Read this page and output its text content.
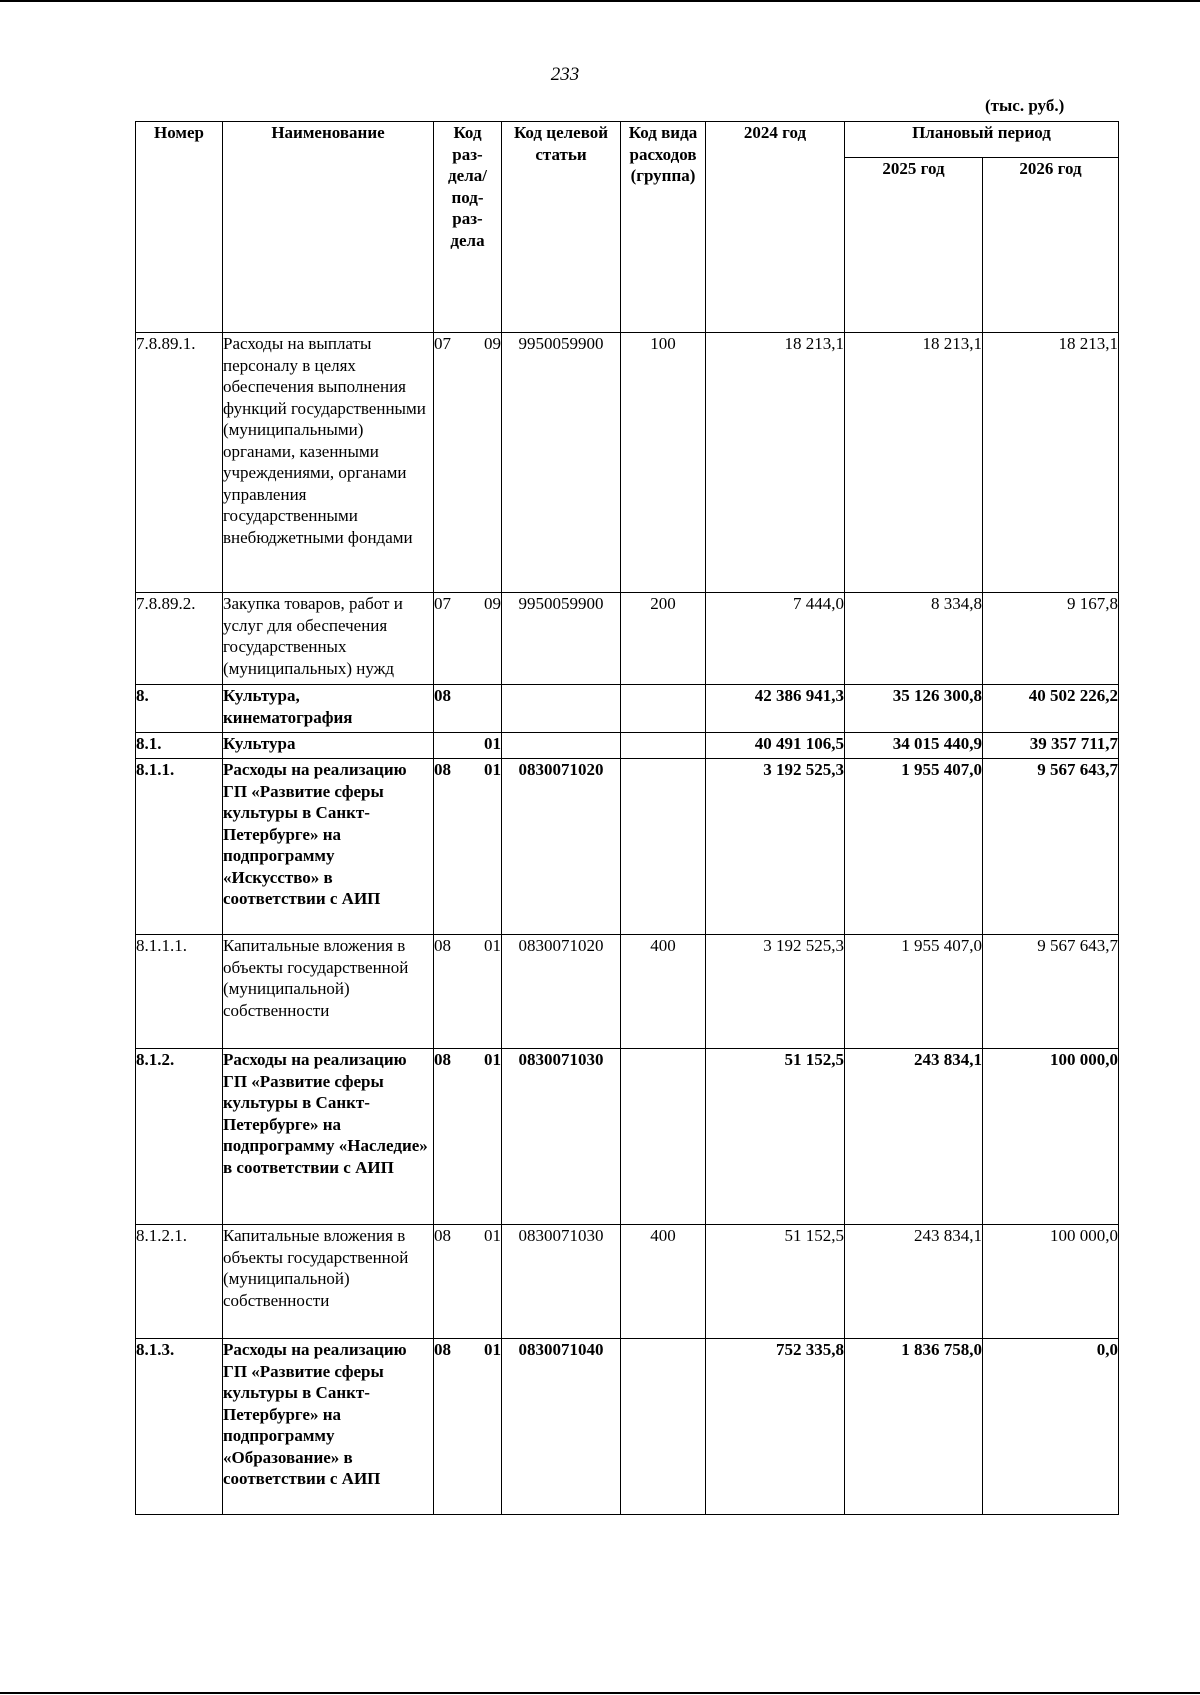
233
(тыс. руб.)
Номер	Наименование	Код раз-дела/ под-раз-дела	Код целевой статьи	Код вида расходов (группа)	2024 год	Плановый период	
						2025 год	2026 год
7.8.89.1.	Расходы на выплаты персоналу в целях обеспечения выполнения функций государственными (муниципальными) органами, казенными учреждениями, органами управления государственными внебюджетными фондами	07 09	9950059900	100	18 213,1	18 213,1	18 213,1
7.8.89.2.	Закупка товаров, работ и услуг для обеспечения государственных (муниципальных) нужд	07 09	9950059900	200	7 444,0	8 334,8	9 167,8
8.	Культура, кинематография	08			42 386 941,3	35 126 300,8	40 502 226,2
8.1.	Культура	01			40 491 106,5	34 015 440,9	39 357 711,7
8.1.1.	Расходы на реализацию ГП «Развитие сферы культуры в Санкт-Петербурге» на подпрограмму «Искусство» в соответствии с АИП	08 01	0830071020		3 192 525,3	1 955 407,0	9 567 643,7
8.1.1.1.	Капитальные вложения в объекты государственной (муниципальной) собственности	08 01	0830071020	400	3 192 525,3	1 955 407,0	9 567 643,7
8.1.2.	Расходы на реализацию ГП «Развитие сферы культуры в Санкт-Петербурге» на подпрограмму «Наследие» в соответствии с АИП	08 01	0830071030		51 152,5	243 834,1	100 000,0
8.1.2.1.	Капитальные вложения в объекты государственной (муниципальной) собственности	08 01	0830071030	400	51 152,5	243 834,1	100 000,0
8.1.3.	Расходы на реализацию ГП «Развитие сферы культуры в Санкт-Петербурге» на подпрограмму «Образование» в соответствии с АИП	08 01	0830071040		752 335,8	1 836 758,0	0,0
